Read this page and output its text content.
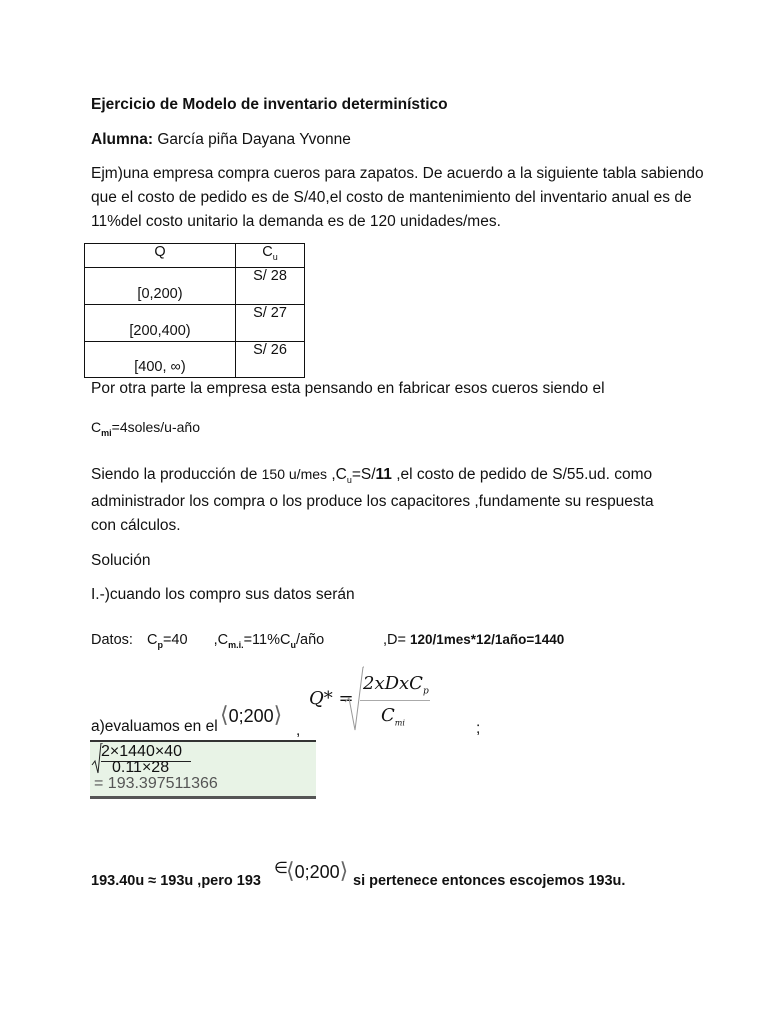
Ejercicio de Modelo de inventario determinístico
Alumna: García piña Dayana Yvonne
Ejm)una empresa compra cueros para zapatos. De acuerdo a la siguiente tabla sabiendo que el costo de pedido es de S/40,el costo de mantenimiento del inventario anual es de 11%del costo unitario la demanda es de 120 unidades/mes.
Q	$C_u$
[0,200)	S/ 28
[200,400)	S/ 27
[400, ∞)	S/ 26
Por otra parte la empresa esta pensando en fabricar esos cueros siendo el
$C_{mi}=4soles/u$-año
Siendo la producción de 150 u/mes $,C_u=S/11$ ,el costo de pedido de S/55.ud. como
administrador los compra o los produce los capacitores ,fundamente su respuesta
con cálculos.
Solución
I.-)cuando los compro sus datos serán
Datos: $C_p=40$ $,C_{m.i.}=11\%C_u$/año	,D= 120/1mes*12/1año=1440
Q* =
2xDxC$_p$
$C_{mi}$
a)evaluamos en el ⟨0;200⟩
,	;
2×1440×40
0.11×28
= 193.397511366
193.40u ≈ 193u ,pero 193
∈
⟨0;200⟩ si pertenece entonces escojemos 193u.
